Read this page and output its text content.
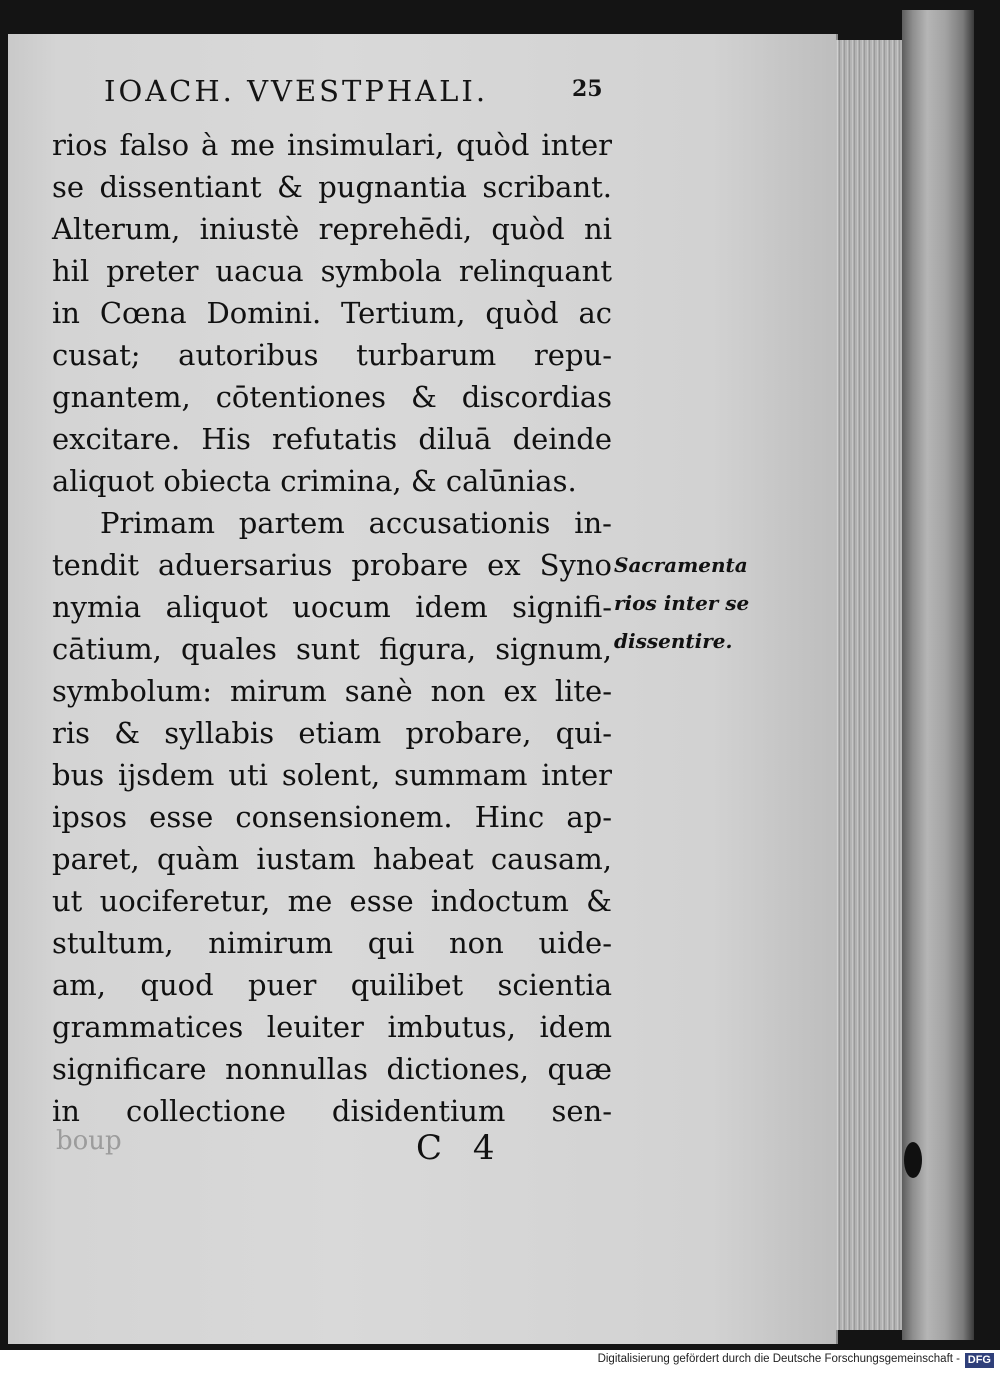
IOACH. VVESTPHALI.	25
rios falso à me insimulari, quòd inter
se dissentiant & pugnantia scribant.
Alterum, iniustè reprehēdi, quòd ni
hil preter uacua symbola relinquant
in Cœna Domini. Tertium, quòd ac
cusat; autoribus turbarum repu-
gnantem, cōtentiones & discordias
excitare. His refutatis diluā deinde
aliquot obiecta crimina, & calūnias.
Primam partem accusationis in-
tendit aduersarius probare ex Syno
nymia aliquot uocum idem signifi-
cātium, quales sunt figura, signum,
symbolum: mirum sanè non ex lite-
ris & syllabis etiam probare, qui-
bus ijsdem uti solent, summam inter
ipsos esse consensionem. Hinc ap-
paret, quàm iustam habeat causam,
ut uociferetur, me esse indoctum &
stultum, nimirum qui non uide-
am, quod puer quilibet scientia
grammatices leuiter imbutus, idem
significare nonnullas dictiones, quæ
in collectione disidentium sen-
Sacramenta
rios inter se
dissentire.
boup	C 4
Digitalisierung gefördert durch die Deutsche Forschungsgemeinschaft - DFG
